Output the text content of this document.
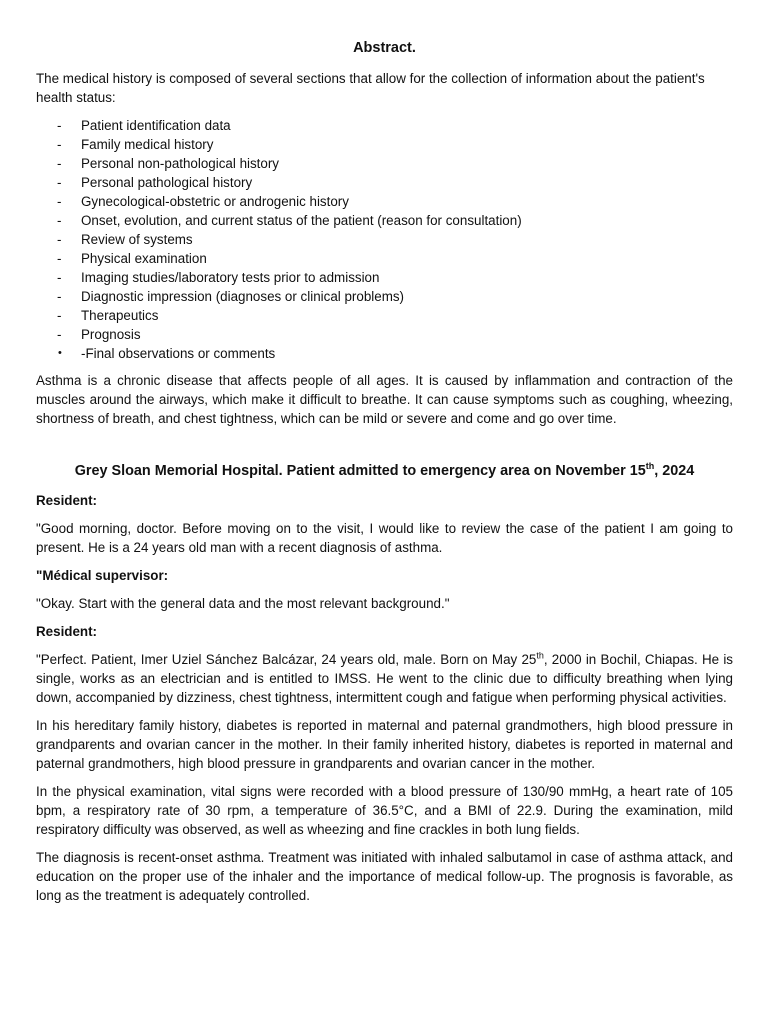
Abstract.

The medical history is composed of several sections that allow for the collection of information about the patient's health status:

-	Patient identification data
-	Family medical history
-	Personal non-pathological history
-	Personal pathological history
-	Gynecological-obstetric or androgenic history
-	Onset, evolution, and current status of the patient (reason for consultation)
-	Review of systems
-	Physical examination
-	Imaging studies/laboratory tests prior to admission
-	Diagnostic impression (diagnoses or clinical problems)
-	Therapeutics
-	Prognosis
•	-Final observations or comments

Asthma is a chronic disease that affects people of all ages. It is caused by inflammation and contraction of the muscles around the airways, which make it difficult to breathe. It can cause symptoms such as coughing, wheezing, shortness of breath, and chest tightness, which can be mild or severe and come and go over time.

Grey Sloan Memorial Hospital. Patient admitted to emergency area on November 15th, 2024

Resident:

"Good morning, doctor. Before moving on to the visit, I would like to review the case of the patient I am going to present. He is a 24 years old man with a recent diagnosis of asthma.

"Médical supervisor:

"Okay. Start with the general data and the most relevant background."

Resident:

"Perfect. Patient, Imer Uziel Sánchez Balcázar, 24 years old, male. Born on May 25th, 2000 in Bochil, Chiapas. He is single, works as an electrician and is entitled to IMSS. He went to the clinic due to difficulty breathing when lying down, accompanied by dizziness, chest tightness, intermittent cough and fatigue when performing physical activities.

In his hereditary family history, diabetes is reported in maternal and paternal grandmothers, high blood pressure in grandparents and ovarian cancer in the mother. In their family inherited history, diabetes is reported in maternal and paternal grandmothers, high blood pressure in grandparents and ovarian cancer in the mother.

In the physical examination, vital signs were recorded with a blood pressure of 130/90 mmHg, a heart rate of 105 bpm, a respiratory rate of 30 rpm, a temperature of 36.5°C, and a BMI of 22.9. During the examination, mild respiratory difficulty was observed, as well as wheezing and fine crackles in both lung fields.

The diagnosis is recent-onset asthma. Treatment was initiated with inhaled salbutamol in case of asthma attack, and education on the proper use of the inhaler and the importance of medical follow-up. The prognosis is favorable, as long as the treatment is adequately controlled.
